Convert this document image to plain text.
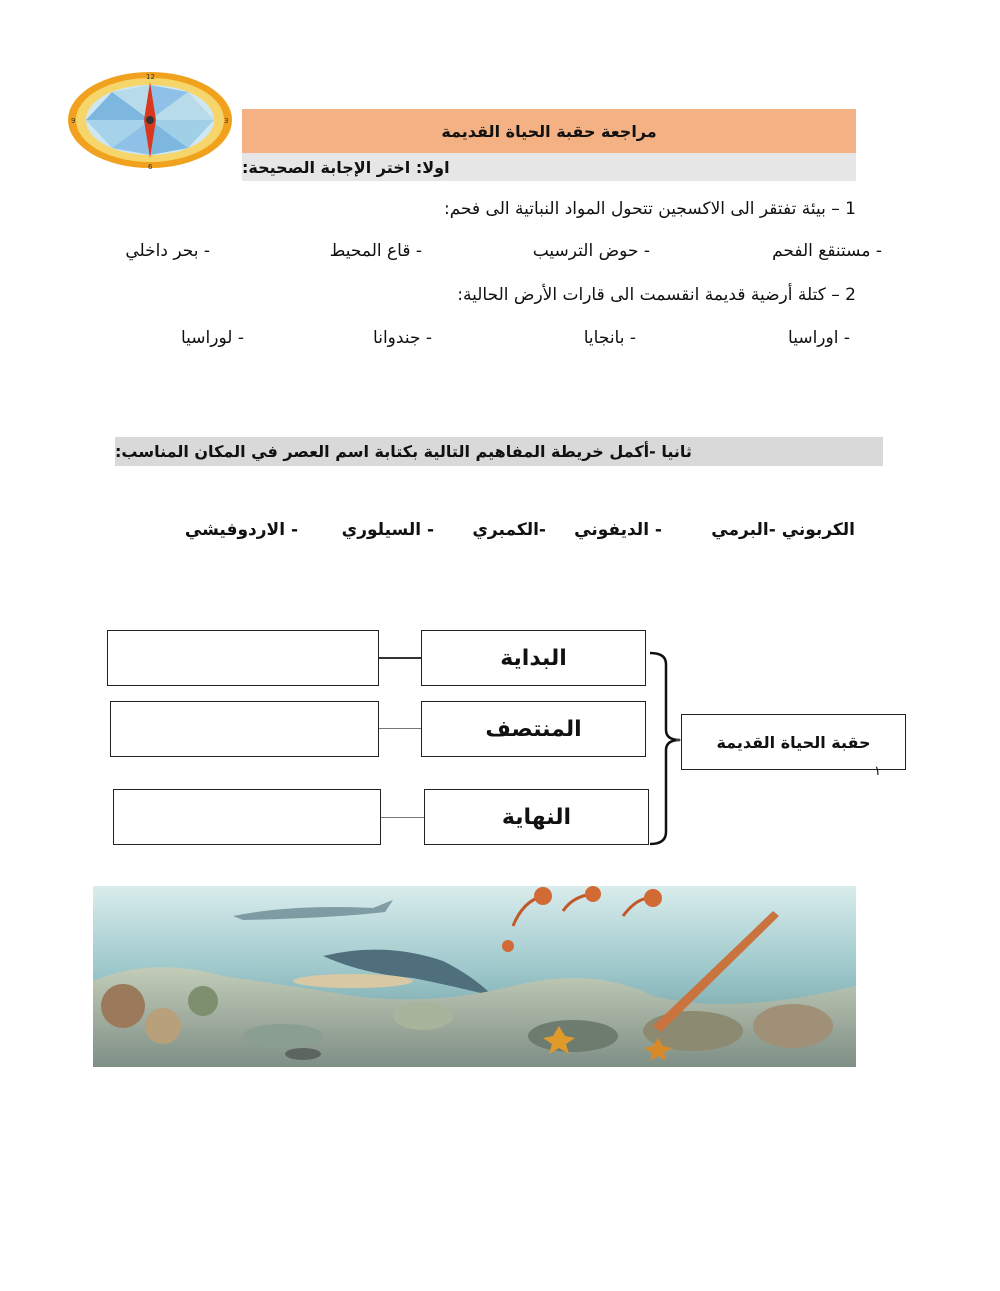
12
3
9
6
مراجعة حقبة الحياة القديمة
اولا: اختر الإجابة الصحيحة:
1 – بيئة تفتقر الى الاكسجين تتحول المواد النباتية الى فحم:
- مستنقع الفحم
- حوض الترسيب
- قاع المحيط
- بحر داخلي
2 – كتلة أرضية قديمة انقسمت الى قارات الأرض الحالية:
- اوراسيا
- بانجايا
- جندوانا
- لوراسيا
ثانيا -أكمل خريطة المفاهيم التالية بكتابة اسم العصر في المكان المناسب:
الكربوني -البرمي
- الديفوني
-الكمبري
- السيلوري
- الاردوفيشي
البداية
المنتصف
النهاية
حقبة الحياة القديمة
١
